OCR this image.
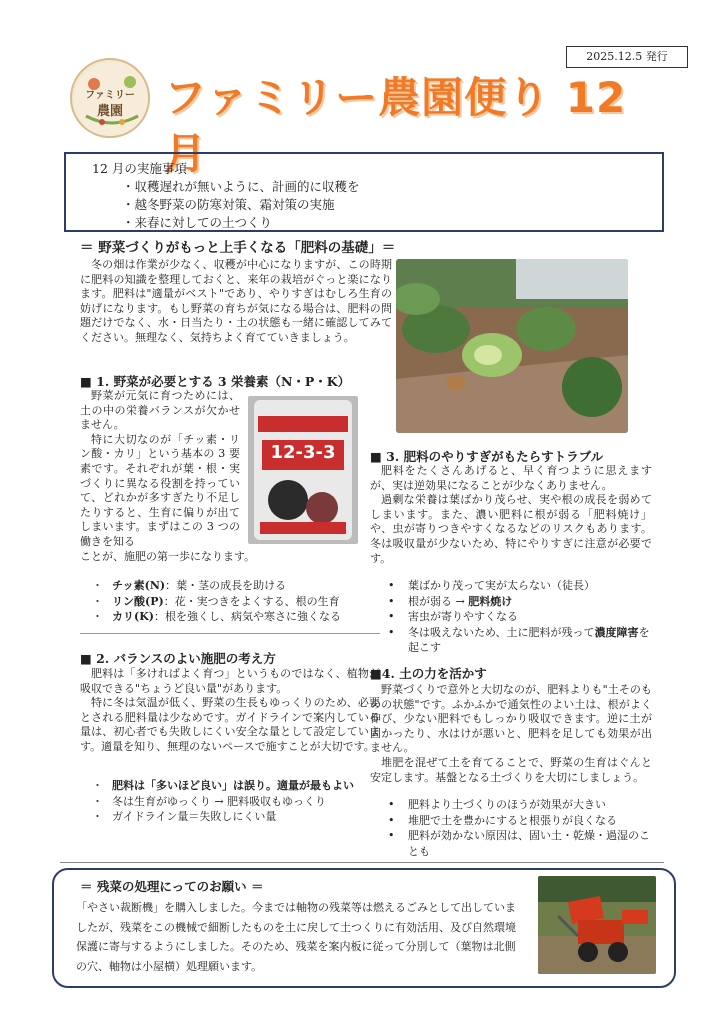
2025.12.5 発行
ファミリー
農園 ファミリー農園便り 12 月
12 月の実施事項
・収穫遅れが無いように、計画的に収穫を
・越冬野菜の防寒対策、霜対策の実施
・来春に対しての土つくり
＝ 野菜づくりがもっと上手くなる「肥料の基礎」＝
冬の畑は作業が少なく、収穫が中心になりますが、この時期に肥料の知識を整理しておくと、来年の栽培がぐっと楽になります。肥料は"適量がベスト"であり、やりすぎはむしろ生育の妨げになります。もし野菜の育ちが気になる場合は、肥料の問題だけでなく、水・日当たり・土の状態も一緒に確認してみてください。無理なく、気持ちよく育てていきましょう。
■ 1. 野菜が必要とする 3 栄養素（N・P・K）
野菜が元気に育つためには、土の中の栄養バランスが欠かせません。
特に大切なのが「チッ素・リン酸・カリ」という基本の 3 要素です。それぞれが葉・根・実づくりに異なる役割を持っていて、どれかが多すぎたり不足したりすると、生育に偏りが出てしまいます。まずはこの 3 つの働きを知る
ことが、施肥の第一歩になります。
12-3-3
・ チッ素(N)：葉・茎の成長を助ける
・ リン酸(P)：花・実つきをよくする、根の生育
・ カリ(K)：根を強くし、病気や寒さに強くなる
■ 2. バランスのよい施肥の考え方
肥料は「多ければよく育つ」というものではなく、植物が吸収できる"ちょうど良い量"があります。
特に冬は気温が低く、野菜の生長もゆっくりのため、必要とされる肥料量は少なめです。ガイドラインで案内している量は、初心者でも失敗しにくい安全な量として設定しています。適量を知り、無理のないペースで施すことが大切です。
・ 肥料は「多いほど良い」は誤り。適量が最もよい
・ 冬は生育がゆっくり → 肥料吸収もゆっくり
・ ガイドライン量＝失敗しにくい量
■ 3. 肥料のやりすぎがもたらすトラブル
肥料をたくさんあげると、早く育つように思えますが、実は逆効果になることが少なくありません。
過剰な栄養は葉ばかり茂らせ、実や根の成長を弱めてしまいます。また、濃い肥料に根が弱る「肥料焼け」や、虫が寄りつきやすくなるなどのリスクもあります。冬は吸収量が少ないため、特にやりすぎに注意が必要です。
•	葉ばかり茂って実が太らない（徒長）
•	根が弱る → 肥料焼け
•	害虫が寄りやすくなる
•	冬は吸えないため、土に肥料が残って濃度障害を起こす
■4. 土の力を活かす
野菜づくりで意外と大切なのが、肥料よりも"土そのものの状態"です。ふかふかで通気性のよい土は、根がよく伸び、少ない肥料でもしっかり吸収できます。逆に土が固かったり、水はけが悪いと、肥料を足しても効果が出ません。
堆肥を混ぜて土を育てることで、野菜の生育はぐんと安定します。基盤となる土づくりを大切にしましょう。
•	肥料より土づくりのほうが効果が大きい
•	堆肥で土を豊かにすると根張りが良くなる
•	肥料が効かない原因は、固い土・乾燥・過湿のことも
＝ 残菜の処理にってのお願い ＝
「やさい裁断機」を購入しました。今までは軸物の残菜等は燃えるごみとして出していましたが、残菜をこの機械で細断したものを土に戻して土つくりに有効活用、及び自然環境保護に寄与するようにしました。そのため、残菜を案内板に従って分別して（葉物は北側の穴、軸物は小屋横）処理願います。
